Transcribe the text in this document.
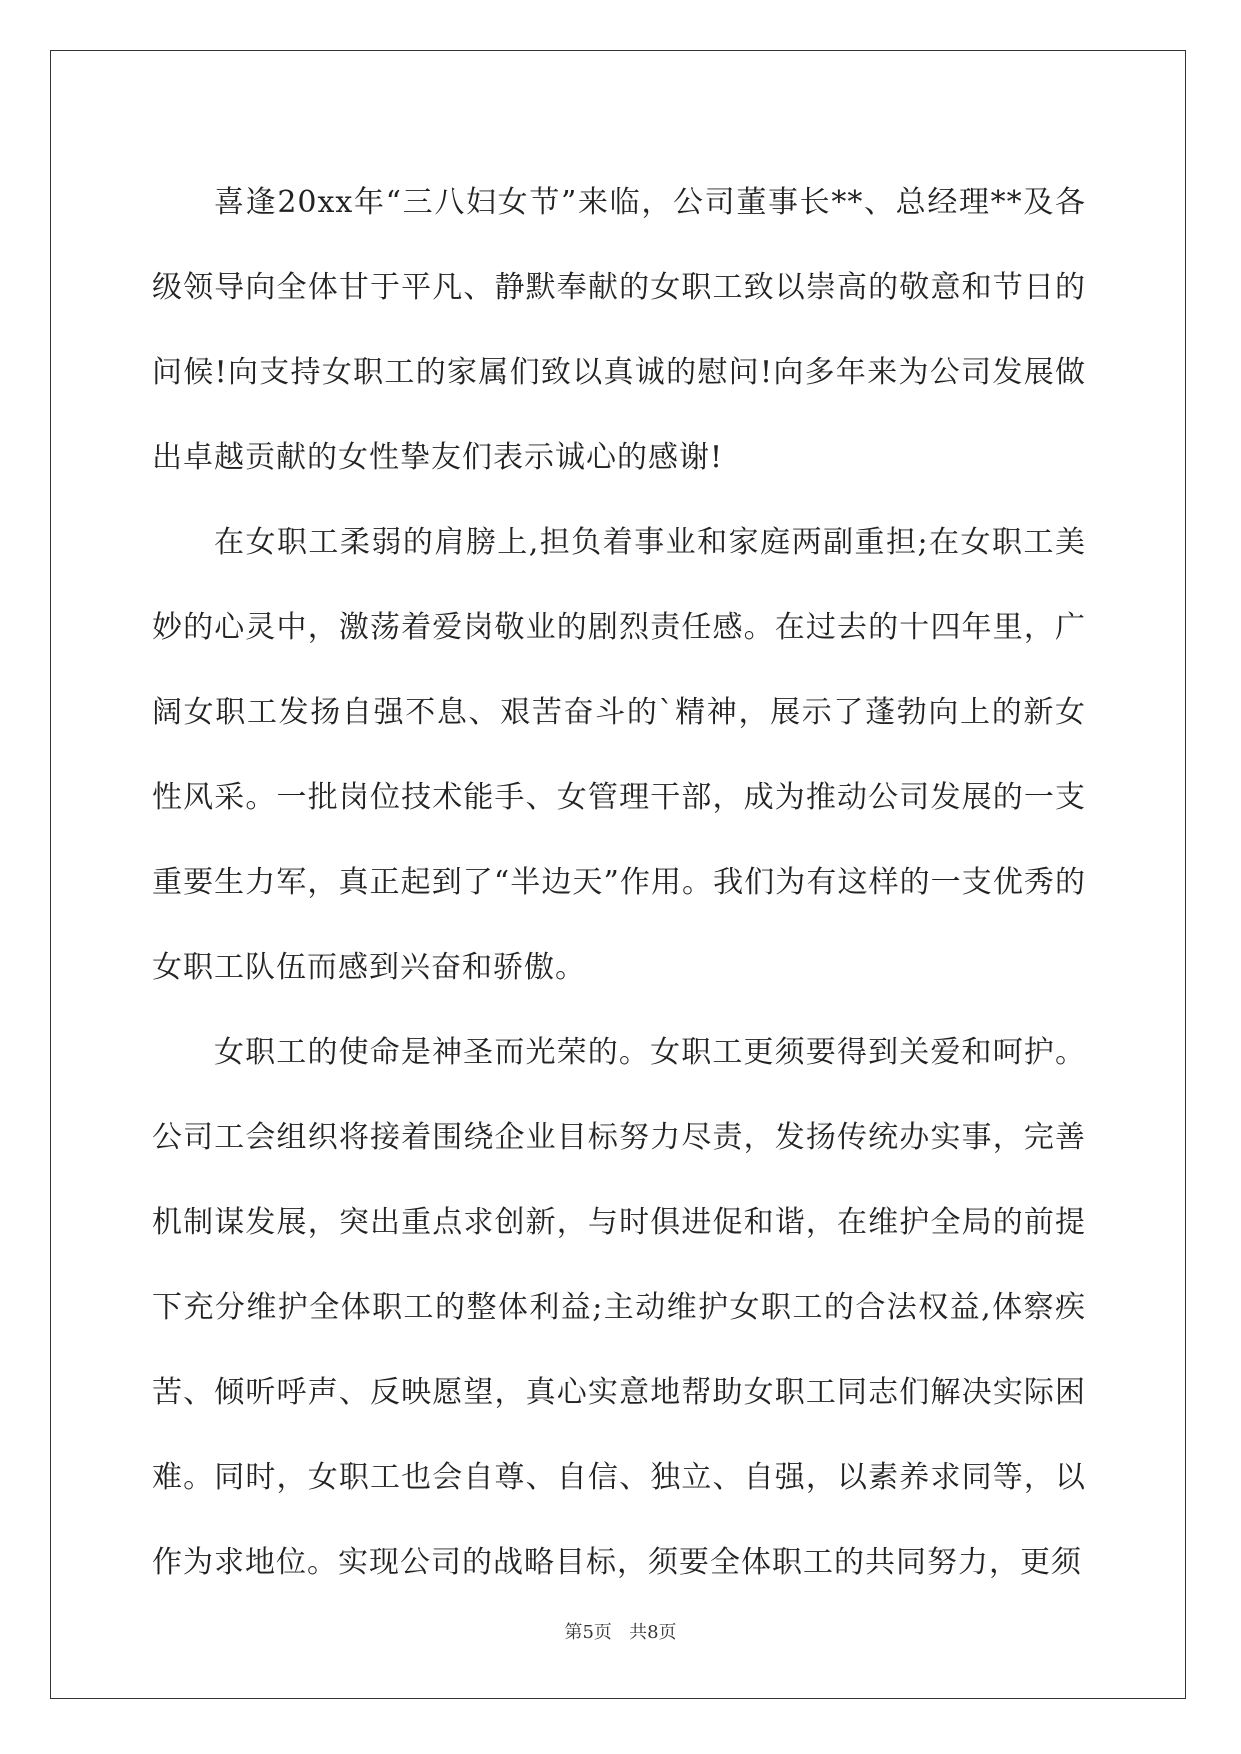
喜逢20xx年“三八妇女节”来临，公司董事长**、总经理**及各级领导向全体甘于平凡、静默奉献的女职工致以崇高的敬意和节日的问候!向支持女职工的家属们致以真诚的慰问!向多年来为公司发展做出卓越贡献的女性挚友们表示诚心的感谢!

在女职工柔弱的肩膀上,担负着事业和家庭两副重担;在女职工美妙的心灵中，激荡着爱岗敬业的剧烈责任感。在过去的十四年里，广阔女职工发扬自强不息、艰苦奋斗的`精神，展示了蓬勃向上的新女性风采。一批岗位技术能手、女管理干部，成为推动公司发展的一支重要生力军，真正起到了“半边天”作用。我们为有这样的一支优秀的女职工队伍而感到兴奋和骄傲。

女职工的使命是神圣而光荣的。女职工更须要得到关爱和呵护。公司工会组织将接着围绕企业目标努力尽责，发扬传统办实事，完善机制谋发展，突出重点求创新，与时俱进促和谐，在维护全局的前提下充分维护全体职工的整体利益;主动维护女职工的合法权益,体察疾苦、倾听呼声、反映愿望，真心实意地帮助女职工同志们解决实际困难。同时，女职工也会自尊、自信、独立、自强，以素养求同等，以作为求地位。实现公司的战略目标，须要全体职工的共同努力，更须

第5页 共8页
